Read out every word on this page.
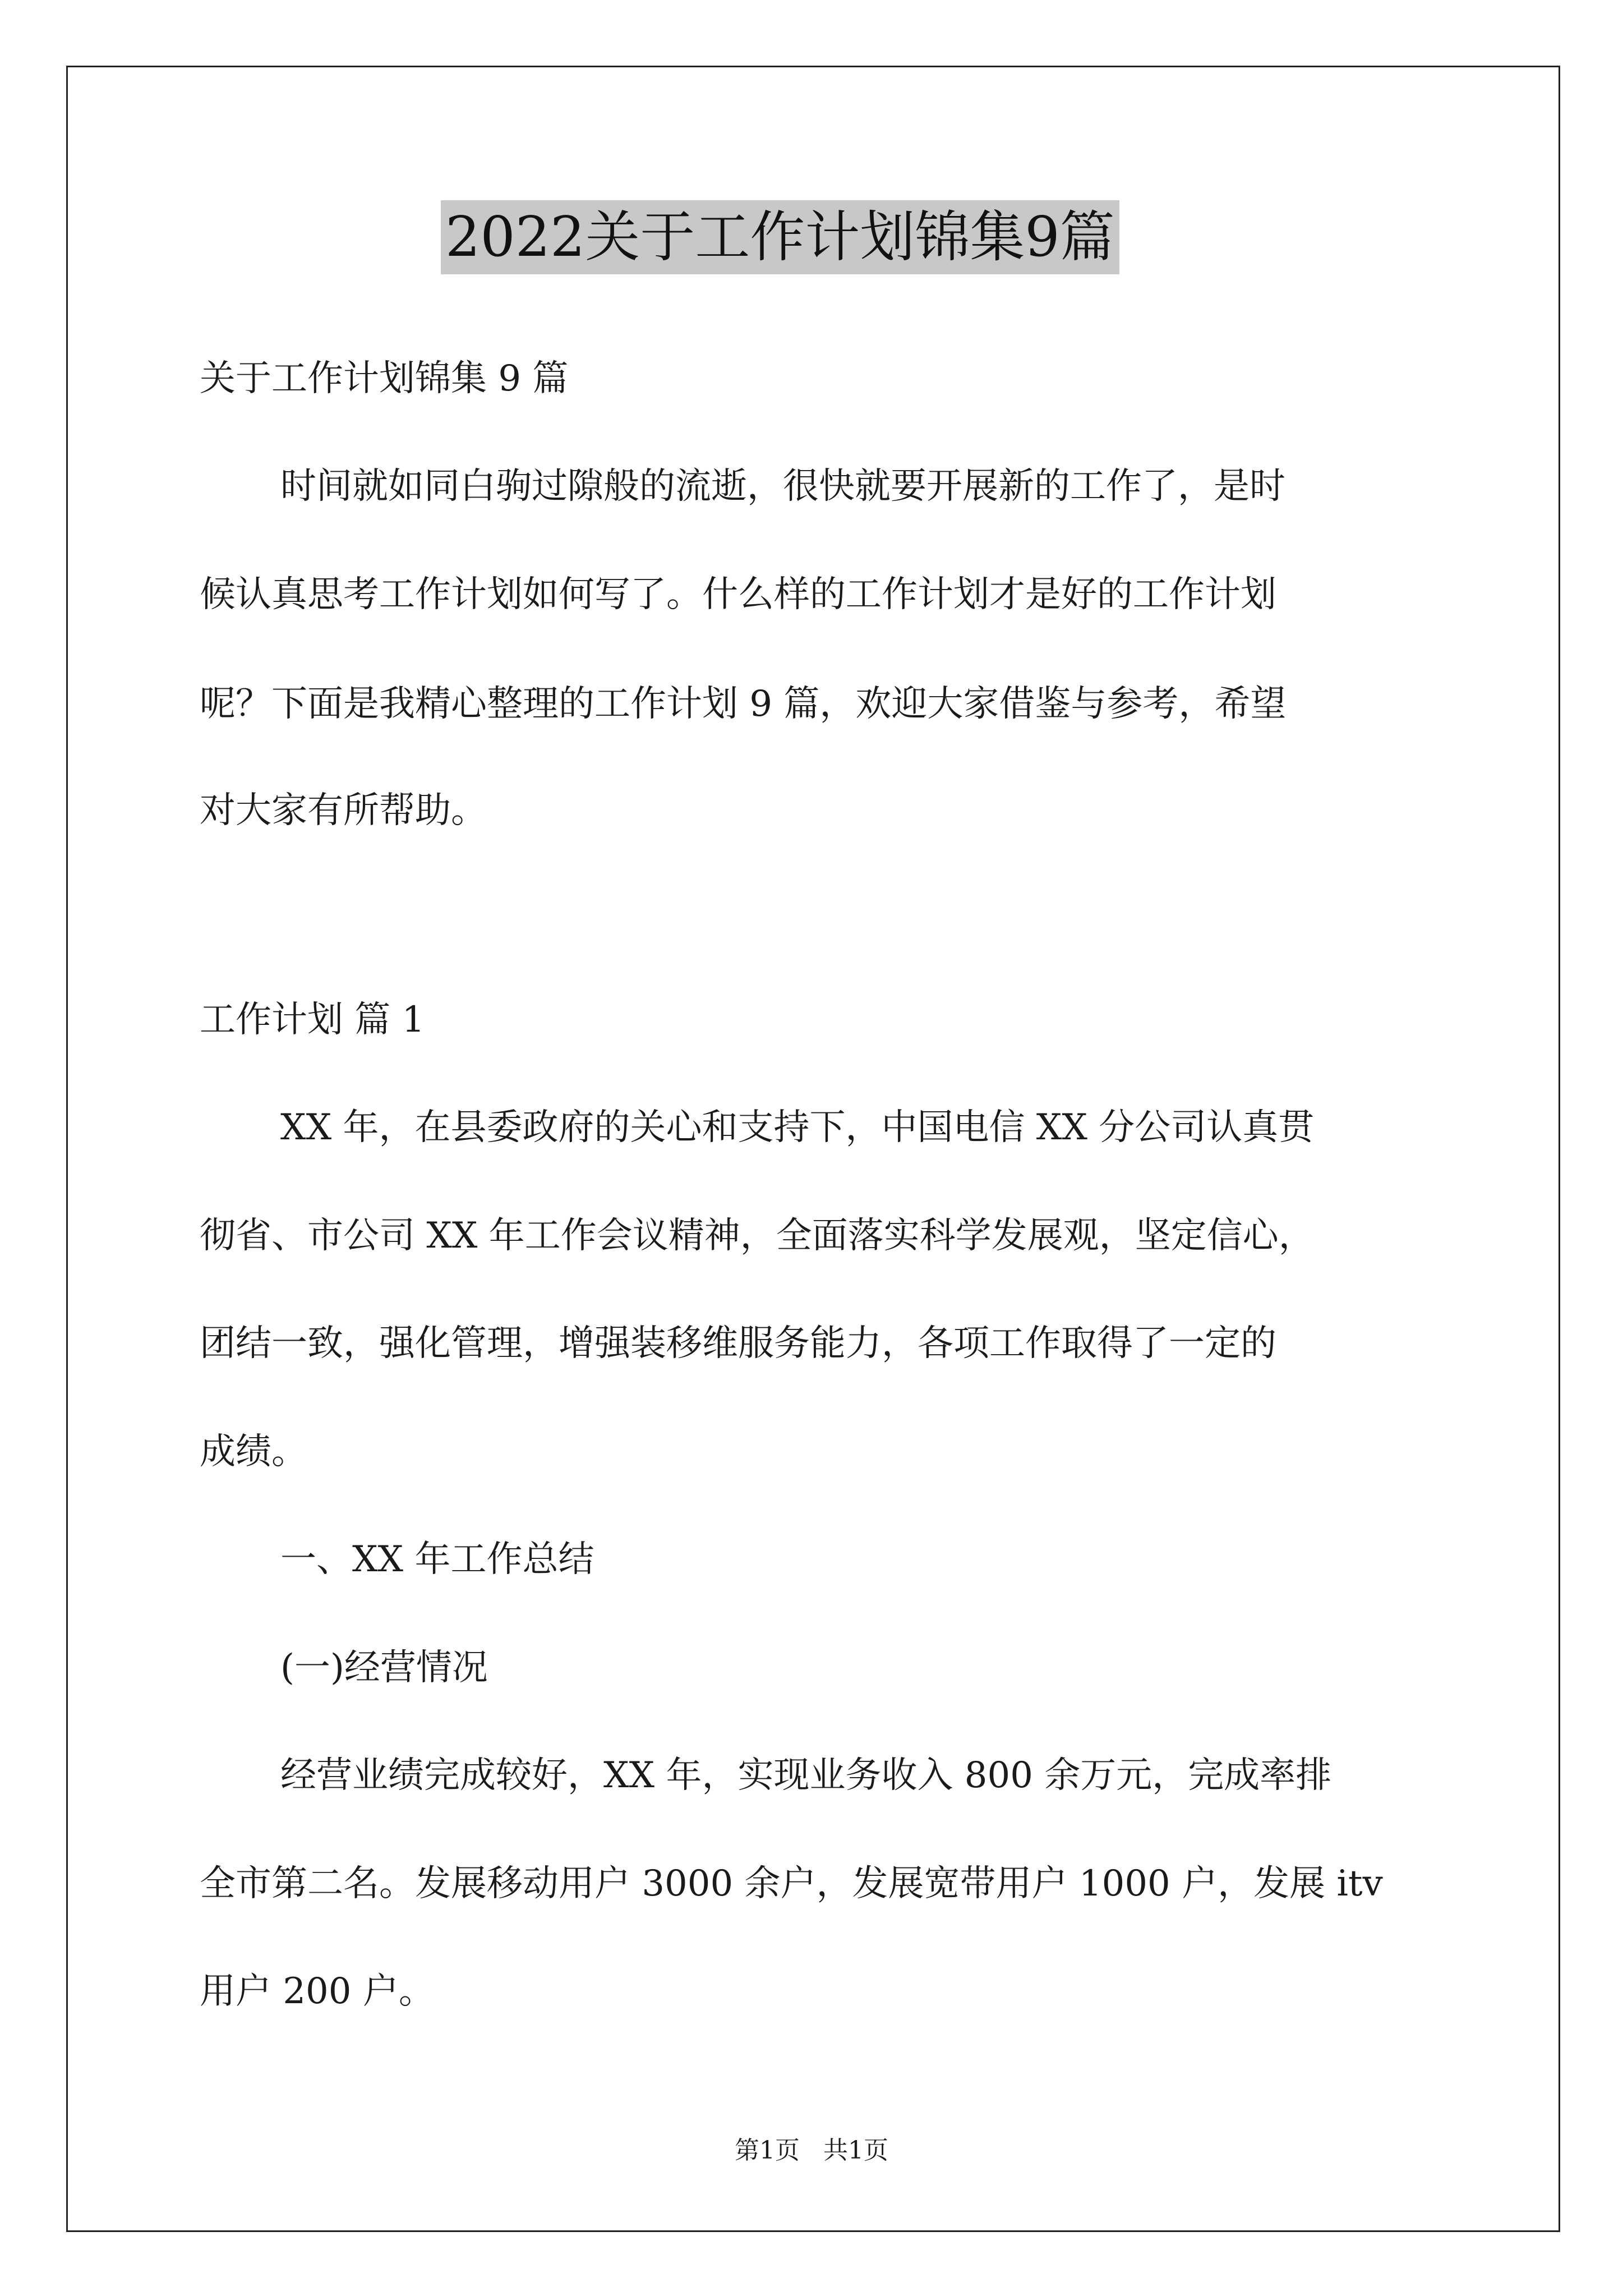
2022关于工作计划锦集9篇
关于工作计划锦集 9 篇
时间就如同白驹过隙般的流逝，很快就要开展新的工作了，是时
候认真思考工作计划如何写了。什么样的工作计划才是好的工作计划
呢？下面是我精心整理的工作计划 9 篇，欢迎大家借鉴与参考，希望
对大家有所帮助。
工作计划 篇 1
XX 年，在县委政府的关心和支持下，中国电信 XX 分公司认真贯
彻省、市公司 XX 年工作会议精神，全面落实科学发展观，坚定信心，
团结一致，强化管理，增强装移维服务能力，各项工作取得了一定的
成绩。
一、XX 年工作总结
(一)经营情况
经营业绩完成较好，XX 年，实现业务收入 800 余万元，完成率排
全市第二名。发展移动用户 3000 余户，发展宽带用户 1000 户，发展 itv
用户 200 户。
第1页   共1页
